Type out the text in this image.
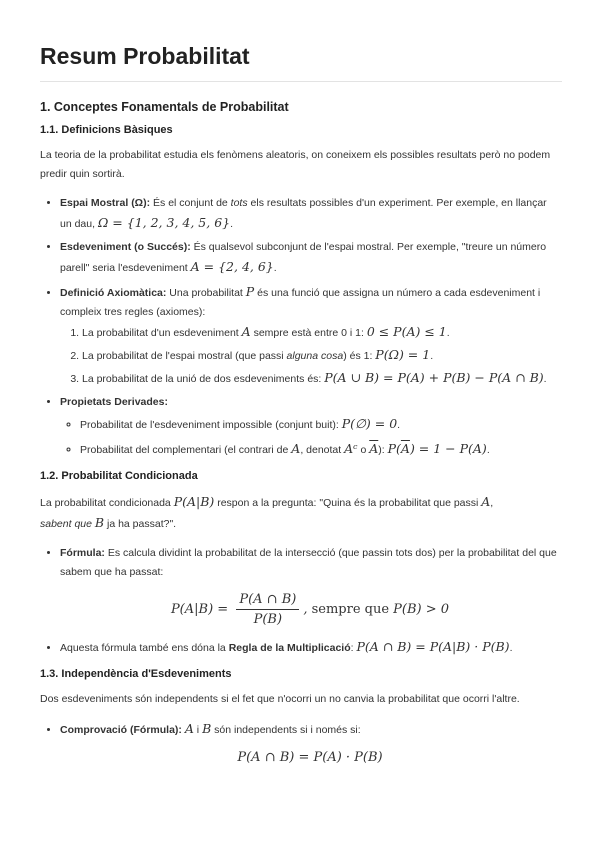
Resum Probabilitat
1. Conceptes Fonamentals de Probabilitat
1.1. Definicions Bàsiques

La teoria de la probabilitat estudia els fenòmens aleatoris, on coneixem els possibles resultats però no podem predir quin sortirà.

• Espai Mostral (Ω): És el conjunt de tots els resultats possibles d'un experiment. Per exemple, en llançar un dau, Ω = {1, 2, 3, 4, 5, 6}.
• Esdeveniment (o Succés): És qualsevol subconjunt de l'espai mostral. Per exemple, "treure un número parell" seria l'esdeveniment A = {2, 4, 6}.
• Definició Axiomàtica: Una probabilitat P és una funció que assigna un número a cada esdeveniment i compleix tres regles (axiomes):
1. La probabilitat d'un esdeveniment A sempre està entre 0 i 1: 0 ≤ P(A) ≤ 1.
2. La probabilitat de l'espai mostral (que passi alguna cosa) és 1: P(Ω) = 1.
3. La probabilitat de la unió de dos esdeveniments és: P(A ∪ B) = P(A) + P(B) − P(A ∩ B).
• Propietats Derivades:
◦ Probabilitat de l'esdeveniment impossible (conjunt buit): P(∅) = 0.
◦ Probabilitat del complementari (el contrari de A, denotat Aᶜ o $\overline{A}$): $P(\overline{A}) = 1 - P(A)$.
1.2. Probabilitat Condicionada

La probabilitat condicionada P(A|B) respon a la pregunta: "Quina és la probabilitat que passi A,
sabent que B ja ha passat?".

• Fórmula: Es calcula dividint la probabilitat de la intersecció (que passin tots dos) per la probabilitat del que sabem que ha passat:
$P(A|B) = \frac{P(A \cap B)}{P(B)}$ , sempre que P(B) > 0
• Aquesta fórmula també ens dóna la Regla de la Multiplicació: P(A ∩ B) = P(A|B) · P(B).
1.3. Independència d'Esdeveniments

Dos esdeveniments són independents si el fet que n'ocorri un no canvia la probabilitat que ocorri l'altre.

• Comprovació (Fórmula): A i B són independents si i només si:
P(A ∩ B) = P(A) · P(B)
